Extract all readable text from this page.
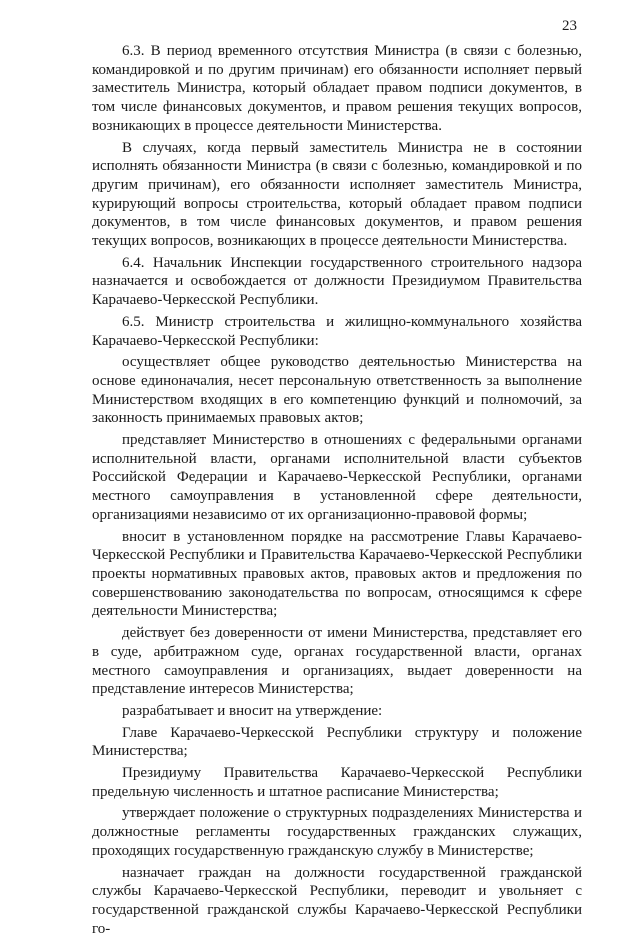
23

6.3. В период временного отсутствия Министра (в связи с болезнью, командировкой и по другим причинам) его обязанности исполняет первый заместитель Министра, который обладает правом подписи документов, в том числе финансовых документов, и правом решения текущих вопросов, возникающих в процессе деятельности Министерства.

В случаях, когда первый заместитель Министра не в состоянии исполнять обязанности Министра (в связи с болезнью, командировкой и по другим причинам), его обязанности исполняет заместитель Министра, курирующий вопросы строительства, который обладает правом подписи документов, в том числе финансовых документов, и правом решения текущих вопросов, возникающих в процессе деятельности Министерства.

6.4. Начальник Инспекции государственного строительного надзора назначается и освобождается от должности Президиумом Правительства Карачаево-Черкесской Республики.

6.5. Министр строительства и жилищно-коммунального хозяйства Карачаево-Черкесской Республики:

осуществляет общее руководство деятельностью Министерства на основе единоначалия, несет персональную ответственность за выполнение Министерством входящих в его компетенцию функций и полномочий, за законность принимаемых правовых актов;

представляет Министерство в отношениях с федеральными органами исполнительной власти, органами исполнительной власти субъектов Российской Федерации и Карачаево-Черкесской Республики, органами местного самоуправления в установленной сфере деятельности, организациями независимо от их организационно-правовой формы;

вносит в установленном порядке на рассмотрение Главы Карачаево-Черкесской Республики и Правительства Карачаево-Черкесской Республики проекты нормативных правовых актов, правовых актов и предложения по совершенствованию законодательства по вопросам, относящимся к сфере деятельности Министерства;

действует без доверенности от имени Министерства, представляет его в суде, арбитражном суде, органах государственной власти, органах местного самоуправления и организациях, выдает доверенности на представление интересов Министерства;

разрабатывает и вносит на утверждение:

Главе Карачаево-Черкесской Республики структуру и положение Министерства;

Президиуму Правительства Карачаево-Черкесской Республики предельную численность и штатное расписание Министерства;

утверждает положение о структурных подразделениях Министерства и должностные регламенты государственных гражданских служащих, проходящих государственную гражданскую службу в Министерстве;

назначает граждан на должности государственной гражданской службы Карачаево-Черкесской Республики, переводит и увольняет с государственной гражданской службы Карачаево-Черкесской Республики го-
